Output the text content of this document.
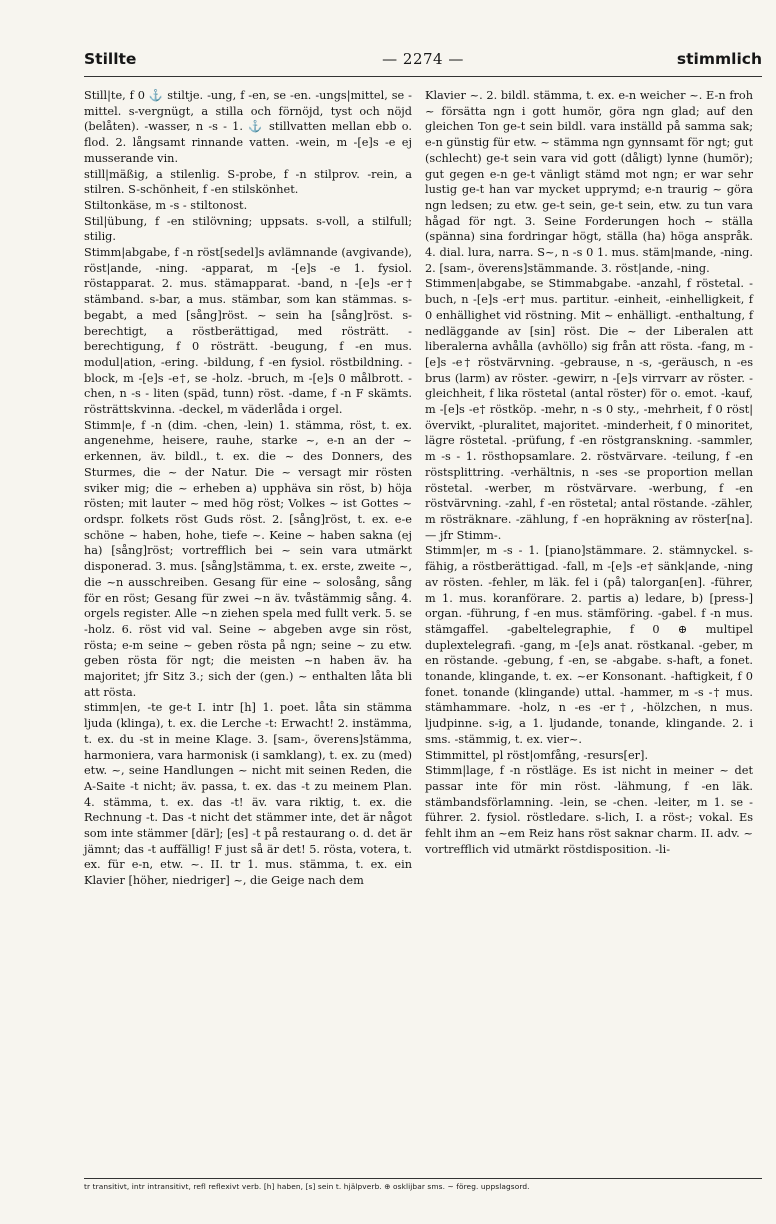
Stillte	— 2274 —	stimmlich

Still|te, f 0 ⚓ stiltje. -ung, f -en, se -en. -ungs|mittel, se -mittel. s-vergnügt, a stilla och förnöjd, tyst och nöjd (belåten). -wasser, n -s - 1. ⚓ stillvatten mellan ebb o. flod. 2. långsamt rinnande vatten. -wein, m -[e]s -e ej musserande vin.

still|mäßig, a stilenlig. S-probe, f -n stilprov. -rein, a stilren. S-schönheit, f -en stilskönhet.

Stiltonkäse, m -s - stiltonost.

Stil|übung, f -en stilövning; uppsats. s-voll, a stilfull; stilig.

Stimm|abgabe, f -n röst[sedel]s avlämnande (avgivande), röst|ande, -ning. -apparat, m -[e]s -e 1. fysiol. röstapparat. 2. mus. stämapparat. -band, n -[e]s -er† stämband. s-bar, a mus. stämbar, som kan stämmas. s-begabt, a med [sång]röst. ~ sein ha [sång]röst. s-berechtigt, a röstberättigad, med rösträtt. -berechtigung, f 0 rösträtt. -beugung, f -en mus. modul|ation, -ering. -bildung, f -en fysiol. röstbildning. -block, m -[e]s -e†, se -holz. -bruch, m -[e]s 0 målbrott. -chen, n -s - liten (späd, tunn) röst. -dame, f -n F skämts. rösträttskvinna. -deckel, m väderlåda i orgel.

Stimm|e, f -n (dim. -chen, -lein) 1. stämma, röst, t. ex. angenehme, heisere, rauhe, starke ~, e-n an der ~ erkennen, äv. bildl., t. ex. die ~ des Donners, des Sturmes, die ~ der Natur. Die ~ versagt mir rösten sviker mig; die ~ erheben a) upphäva sin röst, b) höja rösten; mit lauter ~ med hög röst; Volkes ~ ist Gottes ~ ordspr. folkets röst Guds röst. 2. [sång]röst, t. ex. e-e schöne ~ haben, hohe, tiefe ~. Keine ~ haben sakna (ej ha) [sång]röst; vortrefflich bei ~ sein vara utmärkt disponerad. 3. mus. [sång]stämma, t. ex. erste, zweite ~, die ~n ausschreiben. Gesang für eine ~ solosång, sång för en röst; Gesang für zwei ~n äv. tvåstämmig sång. 4. orgels register. Alle ~n ziehen spela med fullt verk. 5. se -holz. 6. röst vid val. Seine ~ abgeben avge sin röst, rösta; e-m seine ~ geben rösta på ngn; seine ~ zu etw. geben rösta för ngt; die meisten ~n haben äv. ha majoritet; jfr Sitz 3.; sich der (gen.) ~ enthalten låta bli att rösta.

stimm|en, -te ge-t I. intr [h] 1. poet. låta sin stämma ljuda (klinga), t. ex. die Lerche -t: Erwacht! 2. instämma, t. ex. du -st in meine Klage. 3. [sam-, överens]stämma, harmoniera, vara harmonisk (i samklang), t. ex. zu (med) etw. ~, seine Handlungen ~ nicht mit seinen Reden, die A-Saite -t nicht; äv. passa, t. ex. das -t zu meinem Plan. 4. stämma, t. ex. das -t! äv. vara riktig, t. ex. die Rechnung -t. Das -t nicht det stämmer inte, det är något som inte stämmer [där]; [es] -t på restaurang o. d. det är jämnt; das -t auffällig! F just så är det! 5. rösta, votera, t. ex. für e-n, etw. ~. II. tr 1. mus. stämma, t. ex. ein Klavier [höher, niedriger] ~, die Geige nach dem

Klavier ~. 2. bildl. stämma, t. ex. e-n weicher ~. E-n froh ~ försätta ngn i gott humör, göra ngn glad; auf den gleichen Ton ge-t sein bildl. vara inställd på samma sak; e-n günstig für etw. ~ stämma ngn gynnsamt för ngt; gut (schlecht) ge-t sein vara vid gott (dåligt) lynne (humör); gut gegen e-n ge-t vänligt stämd mot ngn; er war sehr lustig ge-t han var mycket upprymd; e-n traurig ~ göra ngn ledsen; zu etw. ge-t sein, ge-t sein, etw. zu tun vara hågad för ngt. 3. Seine Forderungen hoch ~ ställa (spänna) sina fordringar högt, ställa (ha) höga anspråk. 4. dial. lura, narra. S~, n -s 0 1. mus. stäm|mande, -ning. 2. [sam-, överens]stämmande. 3. röst|ande, -ning.

Stimmen|abgabe, se Stimmabgabe. -anzahl, f röstetal. -buch, n -[e]s -er† mus. partitur. -einheit, -einhelligkeit, f 0 enhällighet vid röstning. Mit ~ enhälligt. -enthaltung, f nedläggande av [sin] röst. Die ~ der Liberalen att liberalerna avhålla (avhöllo) sig från att rösta. -fang, m -[e]s -e† röstvärvning. -gebrause, n -s, -geräusch, n -es brus (larm) av röster. -gewirr, n -[e]s virrvarr av röster. -gleichheit, f lika röstetal (antal röster) för o. emot. -kauf, m -[e]s -e† röstköp. -mehr, n -s 0 sty., -mehrheit, f 0 röst|övervikt, -pluralitet, majoritet. -minderheit, f 0 minoritet, lägre röstetal. -prüfung, f -en röstgranskning. -sammler, m -s - 1. rösthopsamlare. 2. röstvärvare. -teilung, f -en röstsplittring. -verhältnis, n -ses -se proportion mellan röstetal. -werber, m röstvärvare. -werbung, f -en röstvärvning. -zahl, f -en röstetal; antal röstande. -zähler, m rösträknare. -zählung, f -en hopräkning av röster[na]. — jfr Stimm-.

Stimm|er, m -s - 1. [piano]stämmare. 2. stämnyckel. s-fähig, a röstberättigad. -fall, m -[e]s -e† sänk|ande, -ning av rösten. -fehler, m läk. fel i (på) talorgan[en]. -führer, m 1. mus. koranförare. 2. partis a) ledare, b) [press-] organ. -führung, f -en mus. stämföring. -gabel. f -n mus. stämgaffel. -gabeltelegraphie, f 0 ⊕ multipel duplextelegrafi. -gang, m -[e]s anat. röstkanal. -geber, m en röstande. -gebung, f -en, se -abgabe. s-haft, a fonet. tonande, klingande, t. ex. ~er Konsonant. -haftigkeit, f 0 fonet. tonande (klingande) uttal. -hammer, m -s -† mus. stämhammare. -holz, n -es -er†, -hölzchen, n mus. ljudpinne. s-ig, a 1. ljudande, tonande, klingande. 2. i sms. -stämmig, t. ex. vier~.

Stimmittel, pl röst|omfång, -resurs[er].

Stimm|lage, f -n röstläge. Es ist nicht in meiner ~ det passar inte för min röst. -lähmung, f -en läk. stämbandsförlamning. -lein, se -chen. -leiter, m 1. se -führer. 2. fysiol. röstledare. s-lich, I. a röst-; vokal. Es fehlt ihm an ~em Reiz hans röst saknar charm. II. adv. ~ vortrefflich vid utmärkt röstdisposition. -li-

tr transitivt, intr intransitivt, refl reflexivt verb. [h] haben, [s] sein t. hjälpverb. ⊕ osklijbar sms. ~ föreg. uppslagsord.
